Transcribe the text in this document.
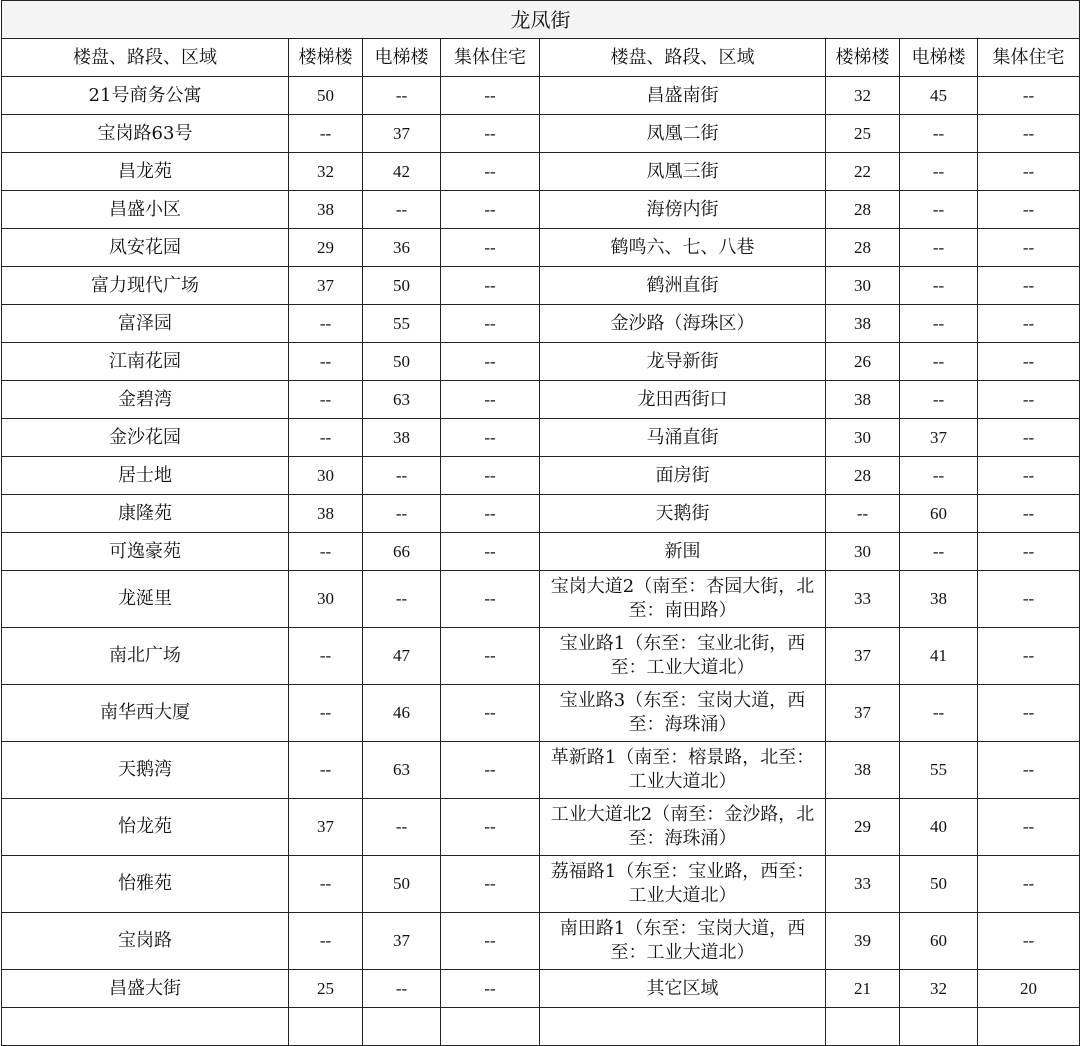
龙凤街							
楼盘、路段、区域	楼梯楼	电梯楼	集体住宅	楼盘、路段、区域	楼梯楼	电梯楼	集体住宅
21号商务公寓	50	--	--	昌盛南街	32	45	--
宝岗路63号	--	37	--	凤凰二街	25	--	--
昌龙苑	32	42	--	凤凰三街	22	--	--
昌盛小区	38	--	--	海傍内街	28	--	--
凤安花园	29	36	--	鹤鸣六、七、八巷	28	--	--
富力现代广场	37	50	--	鹤洲直街	30	--	--
富泽园	--	55	--	金沙路（海珠区）	38	--	--
江南花园	--	50	--	龙导新街	26	--	--
金碧湾	--	63	--	龙田西街口	38	--	--
金沙花园	--	38	--	马涌直街	30	37	--
居士地	30	--	--	面房街	28	--	--
康隆苑	38	--	--	天鹅街	--	60	--
可逸豪苑	--	66	--	新围	30	--	--
龙涎里	30	--	--	宝岗大道2（南至：杏园大街，北至：南田路）	33	38	--
南北广场	--	47	--	宝业路1（东至：宝业北街，西至：工业大道北）	37	41	--
南华西大厦	--	46	--	宝业路3（东至：宝岗大道，西至：海珠涌）	37	--	--
天鹅湾	--	63	--	革新路1（南至：榕景路，北至：工业大道北）	38	55	--
怡龙苑	37	--	--	工业大道北2（南至：金沙路，北至：海珠涌）	29	40	--
怡雅苑	--	50	--	荔福路1（东至：宝业路，西至：工业大道北）	33	50	--
宝岗路	--	37	--	南田路1（东至：宝岗大道，西至：工业大道北）	39	60	--
昌盛大街	25	--	--	其它区域	21	32	20
